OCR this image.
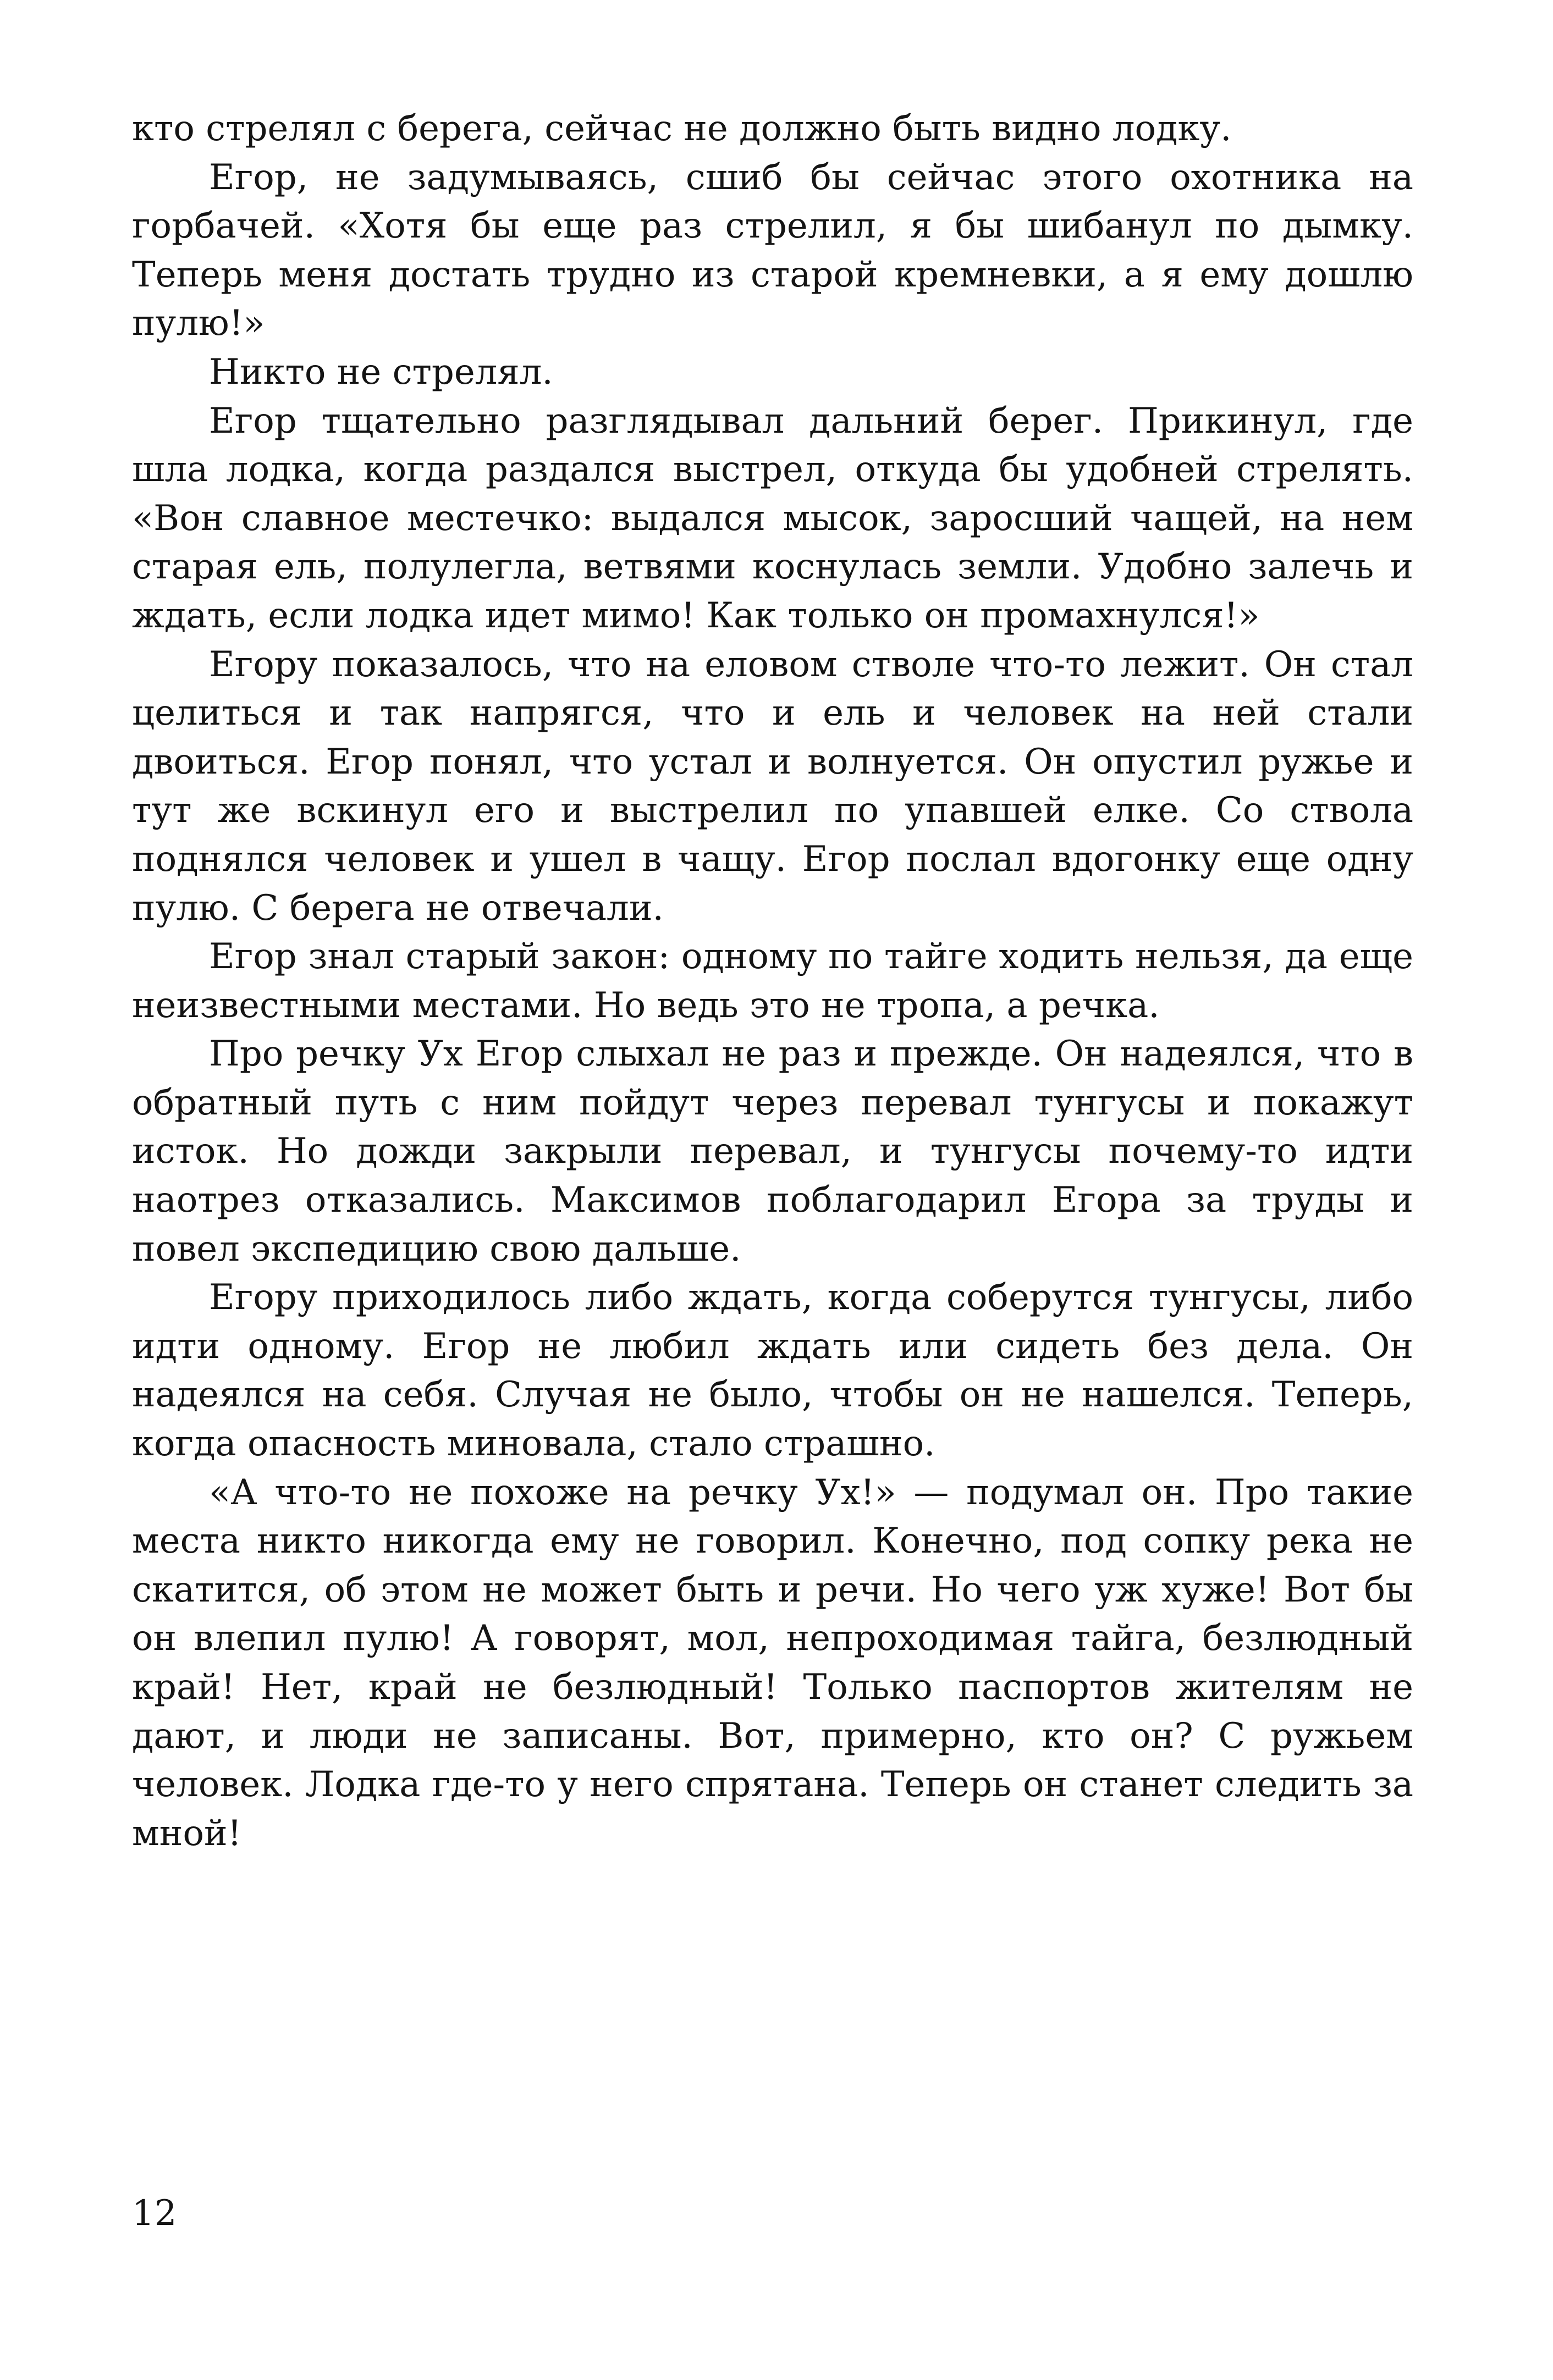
кто стрелял с берега, сейчас не должно быть видно лодку.

Егор, не задумываясь, сшиб бы сейчас этого охотника на горбачей. «Хотя бы еще раз стрелил, я бы шибанул по дымку. Теперь меня достать трудно из старой кремневки, а я ему дошлю пулю!»

Никто не стрелял.

Егор тщательно разглядывал дальний берег. Прикинул, где шла лодка, когда раздался выстрел, откуда бы удобней стрелять. «Вон славное местечко: выдался мысок, заросший чащей, на нем старая ель, полулегла, ветвями коснулась земли. Удобно залечь и ждать, если лодка идет мимо! Как только он промахнулся!»

Егору показалось, что на еловом стволе что-то лежит. Он стал целиться и так напрягся, что и ель и человек на ней стали двоиться. Егор понял, что устал и волнуется. Он опустил ружье и тут же вскинул его и выстрелил по упавшей елке. Со ствола поднялся человек и ушел в чащу. Егор послал вдогонку еще одну пулю. С берега не отвечали.

Егор знал старый закон: одному по тайге ходить нельзя, да еще неизвестными местами. Но ведь это не тропа, а речка.

Про речку Ух Егор слыхал не раз и прежде. Он надеялся, что в обратный путь с ним пойдут через перевал тунгусы и покажут исток. Но дожди закрыли перевал, и тунгусы почему-то идти наотрез отказались. Максимов поблагодарил Егора за труды и повел экспедицию свою дальше.

Егору приходилось либо ждать, когда соберутся тунгусы, либо идти одному. Егор не любил ждать или сидеть без дела. Он надеялся на себя. Случая не было, чтобы он не нашелся. Теперь, когда опасность миновала, стало страшно.

«А что-то не похоже на речку Ух!» — подумал он. Про такие места никто никогда ему не говорил. Конечно, под сопку река не скатится, об этом не может быть и речи. Но чего уж хуже! Вот бы он влепил пулю! А говорят, мол, непроходимая тайга, безлюдный край! Нет, край не безлюдный! Только паспортов жителям не дают, и люди не записаны. Вот, примерно, кто он? С ружьем человек. Лодка где-то у него спрятана. Теперь он станет следить за мной!

12
